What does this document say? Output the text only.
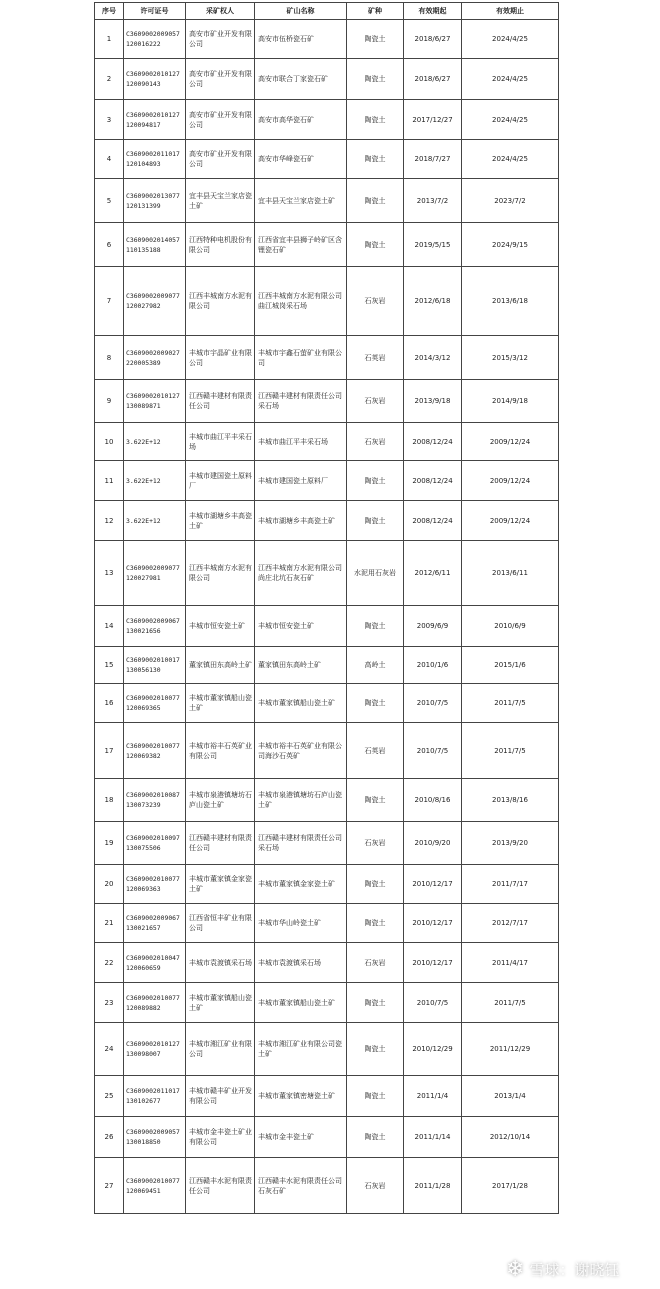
序号	许可证号	采矿权人	矿山名称	矿种	有效期起	有效期止
1	C3609002009057120016222	高安市矿业开发有限公司	高安市伍桥瓷石矿	陶瓷土	2018/6/27	2024/4/25
2	C3609002010127120090143	高安市矿业开发有限公司	高安市联合丁家瓷石矿	陶瓷土	2018/6/27	2024/4/25
3	C3609002010127120094817	高安市矿业开发有限公司	高安市高华瓷石矿	陶瓷土	2017/12/27	2024/4/25
4	C3609002011017120104893	高安市矿业开发有限公司	高安市华峰瓷石矿	陶瓷土	2018/7/27	2024/4/25
5	C3609002013077120131399	宜丰县天宝兰家店瓷土矿	宜丰县天宝兰家店瓷土矿	陶瓷土	2013/7/2	2023/7/2
6	C3609002014057110135188	江西特种电机股份有限公司	江西省宜丰县狮子岭矿区含锂瓷石矿	陶瓷土	2019/5/15	2024/9/15
7	C3609002009077120027982	江西丰城南方水泥有限公司	江西丰城南方水泥有限公司曲江城岗采石场	石灰岩	2012/6/18	2013/6/18
8	C3609002009027220005389	丰城市宇晶矿业有限公司	丰城市宇鑫石萤矿业有限公司	石英岩	2014/3/12	2015/3/12
9	C3609002010127130089871	江西赣丰建材有限责任公司	江西赣丰建材有限责任公司采石场	石灰岩	2013/9/18	2014/9/18
10	3.622E+12	丰城市曲江平丰采石场	丰城市曲江平丰采石场	石灰岩	2008/12/24	2009/12/24
11	3.622E+12	丰城市建国瓷土原料厂	丰城市建国瓷土原料厂	陶瓷土	2008/12/24	2009/12/24
12	3.622E+12	丰城市湖塘乡丰高瓷土矿	丰城市湖塘乡丰高瓷土矿	陶瓷土	2008/12/24	2009/12/24
13	C3609002009077120027981	江西丰城南方水泥有限公司	江西丰城南方水泥有限公司尚庄北坑石灰石矿	水泥用石灰岩	2012/6/11	2013/6/11
14	C3609002009067130021656	丰城市恒安瓷土矿	丰城市恒安瓷土矿	陶瓷土	2009/6/9	2010/6/9
15	C3609002010017130056130	董家镇田东高岭土矿	董家镇田东高岭土矿	高岭土	2010/1/6	2015/1/6
16	C3609002010077120069365	丰城市董家镇船山瓷土矿	丰城市董家镇船山瓷土矿	陶瓷土	2010/7/5	2011/7/5
17	C3609002010077120069382	丰城市裕丰石英矿业有限公司	丰城市裕丰石英矿业有限公司海沙石英矿	石英岩	2010/7/5	2011/7/5
18	C3609002010087130073239	丰城市泉港镇塘坊石庐山瓷土矿	丰城市泉港镇塘坊石庐山瓷土矿	陶瓷土	2010/8/16	2013/8/16
19	C3609002010097130075506	江西赣丰建材有限责任公司	江西赣丰建材有限责任公司采石场	石灰岩	2010/9/20	2013/9/20
20	C3609002010077120069363	丰城市董家镇金家瓷土矿	丰城市董家镇金家瓷土矿	陶瓷土	2010/12/17	2011/7/17
21	C3609002009067130021657	江西省恒丰矿业有限公司	丰城市华山岭瓷土矿	陶瓷土	2010/12/17	2012/7/17
22	C3609002010047120060659	丰城市袁渡镇采石场	丰城市袁渡镇采石场	石灰岩	2010/12/17	2011/4/17
23	C3609002010077120089882	丰城市董家镇船山瓷土矿	丰城市董家镇船山瓷土矿	陶瓷土	2010/7/5	2011/7/5
24	C3609002010127130098007	丰城市湘江矿业有限公司	丰城市湘江矿业有限公司瓷土矿	陶瓷土	2010/12/29	2011/12/29
25	C3609002011017130102677	丰城市赣丰矿业开发有限公司	丰城市董家镇密塘瓷土矿	陶瓷土	2011/1/4	2013/1/4
26	C3609002009057130018850	丰城市金丰瓷土矿业有限公司	丰城市金丰瓷土矿	陶瓷土	2011/1/14	2012/10/14
27	C3609002010077120069451	江西赣丰水泥有限责任公司	江西赣丰水泥有限责任公司石灰石矿	石灰岩	2011/1/28	2017/1/28
❄ 雪球：谢晓钰
